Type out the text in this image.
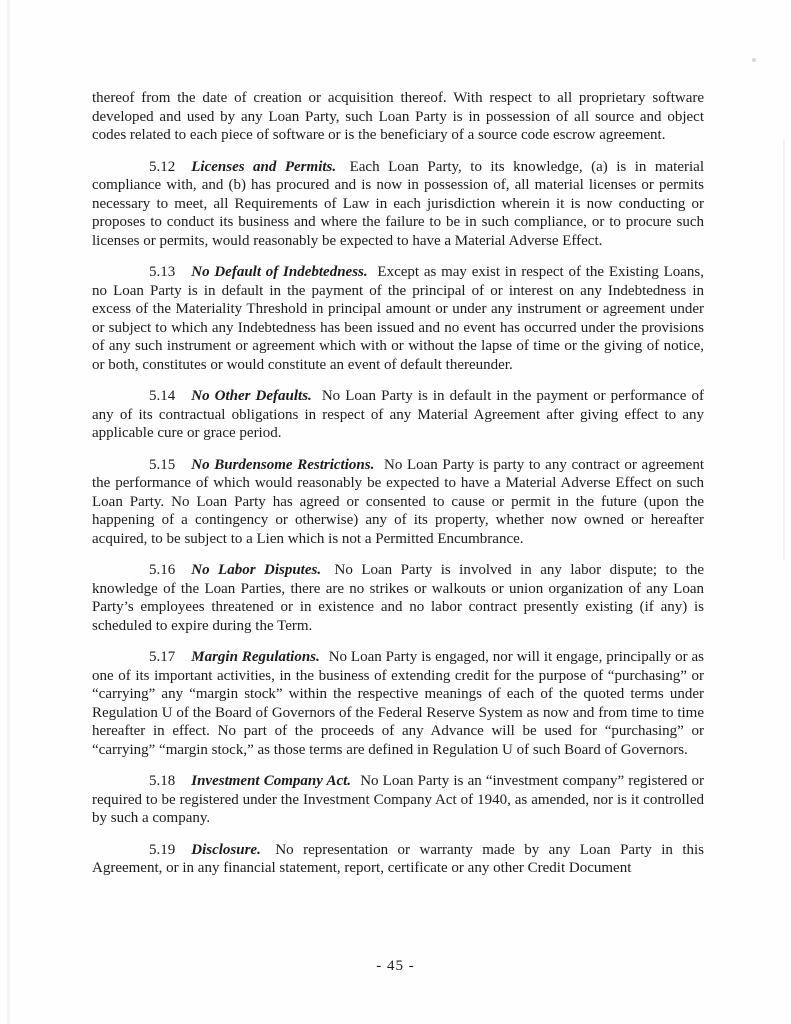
thereof from the date of creation or acquisition thereof. With respect to all proprietary software developed and used by any Loan Party, such Loan Party is in possession of all source and object codes related to each piece of software or is the beneficiary of a source code escrow agreement.

5.12 Licenses and Permits. Each Loan Party, to its knowledge, (a) is in material compliance with, and (b) has procured and is now in possession of, all material licenses or permits necessary to meet, all Requirements of Law in each jurisdiction wherein it is now conducting or proposes to conduct its business and where the failure to be in such compliance, or to procure such licenses or permits, would reasonably be expected to have a Material Adverse Effect.

5.13 No Default of Indebtedness. Except as may exist in respect of the Existing Loans, no Loan Party is in default in the payment of the principal of or interest on any Indebtedness in excess of the Materiality Threshold in principal amount or under any instrument or agreement under or subject to which any Indebtedness has been issued and no event has occurred under the provisions of any such instrument or agreement which with or without the lapse of time or the giving of notice, or both, constitutes or would constitute an event of default thereunder.

5.14 No Other Defaults. No Loan Party is in default in the payment or performance of any of its contractual obligations in respect of any Material Agreement after giving effect to any applicable cure or grace period.

5.15 No Burdensome Restrictions. No Loan Party is party to any contract or agreement the performance of which would reasonably be expected to have a Material Adverse Effect on such Loan Party. No Loan Party has agreed or consented to cause or permit in the future (upon the happening of a contingency or otherwise) any of its property, whether now owned or hereafter acquired, to be subject to a Lien which is not a Permitted Encumbrance.

5.16 No Labor Disputes. No Loan Party is involved in any labor dispute; to the knowledge of the Loan Parties, there are no strikes or walkouts or union organization of any Loan Party’s employees threatened or in existence and no labor contract presently existing (if any) is scheduled to expire during the Term.

5.17 Margin Regulations. No Loan Party is engaged, nor will it engage, principally or as one of its important activities, in the business of extending credit for the purpose of “purchasing” or “carrying” any “margin stock” within the respective meanings of each of the quoted terms under Regulation U of the Board of Governors of the Federal Reserve System as now and from time to time hereafter in effect. No part of the proceeds of any Advance will be used for “purchasing” or “carrying” “margin stock,” as those terms are defined in Regulation U of such Board of Governors.

5.18 Investment Company Act. No Loan Party is an “investment company” registered or required to be registered under the Investment Company Act of 1940, as amended, nor is it controlled by such a company.

5.19 Disclosure. No representation or warranty made by any Loan Party in this Agreement, or in any financial statement, report, certificate or any other Credit Document

- 45 -
